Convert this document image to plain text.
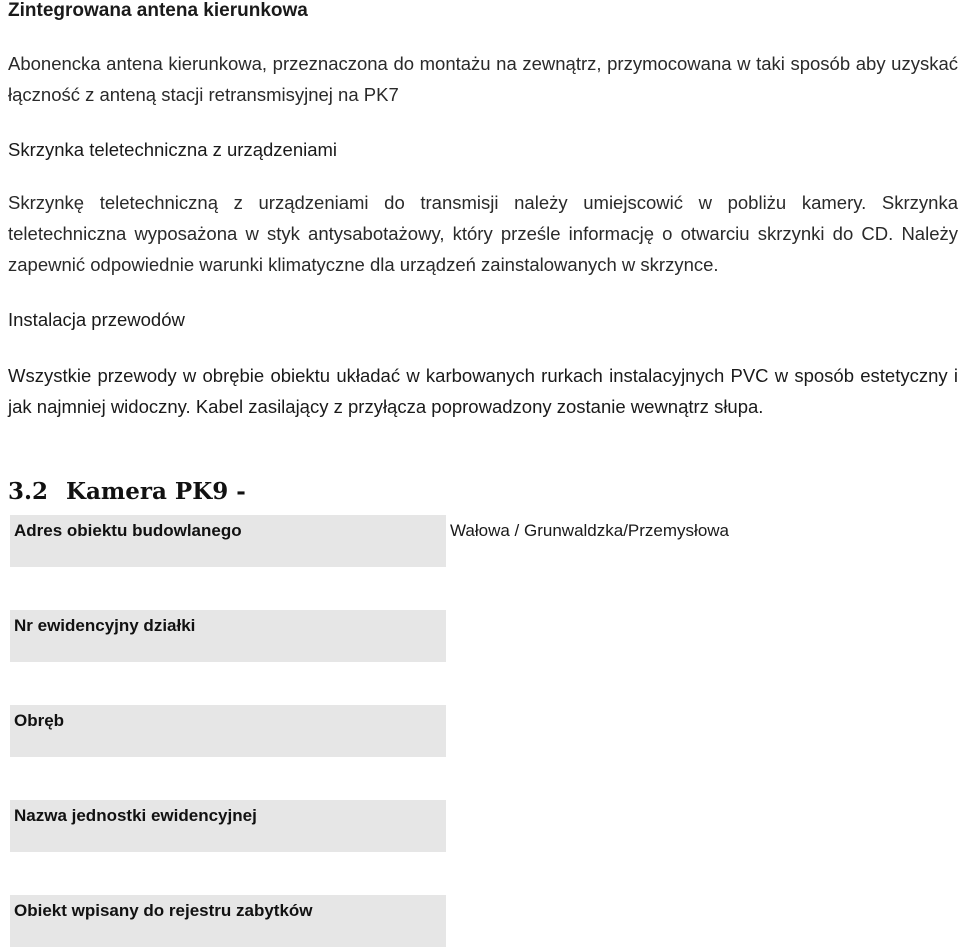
Zintegrowana antena kierunkowa

Abonencka antena kierunkowa, przeznaczona do montażu na zewnątrz, przymocowana w taki sposób aby uzyskać łączność z anteną stacji retransmisyjnej na PK7

Skrzynka teletechniczna z urządzeniami

Skrzynkę teletechniczną z urządzeniami do transmisji należy umiejscowić w pobliżu kamery. Skrzynka teletechniczna wyposażona w styk antysabotażowy, który prześle informację o otwarciu skrzynki do CD. Należy zapewnić odpowiednie warunki klimatyczne dla urządzeń zainstalowanych w skrzynce.

Instalacja przewodów

Wszystkie przewody w obrębie obiektu układać w karbowanych rurkach instalacyjnych PVC w sposób estetyczny i jak najmniej widoczny. Kabel zasilający z przyłącza poprowadzony zostanie wewnątrz słupa.

3.2 Kamera PK9 -
Adres obiektu budowlanego	Wałowa / Grunwaldzka/Przemysłowa
Nr ewidencyjny działki
Obręb
Nazwa jednostki ewidencyjnej
Obiekt wpisany do rejestru zabytków
